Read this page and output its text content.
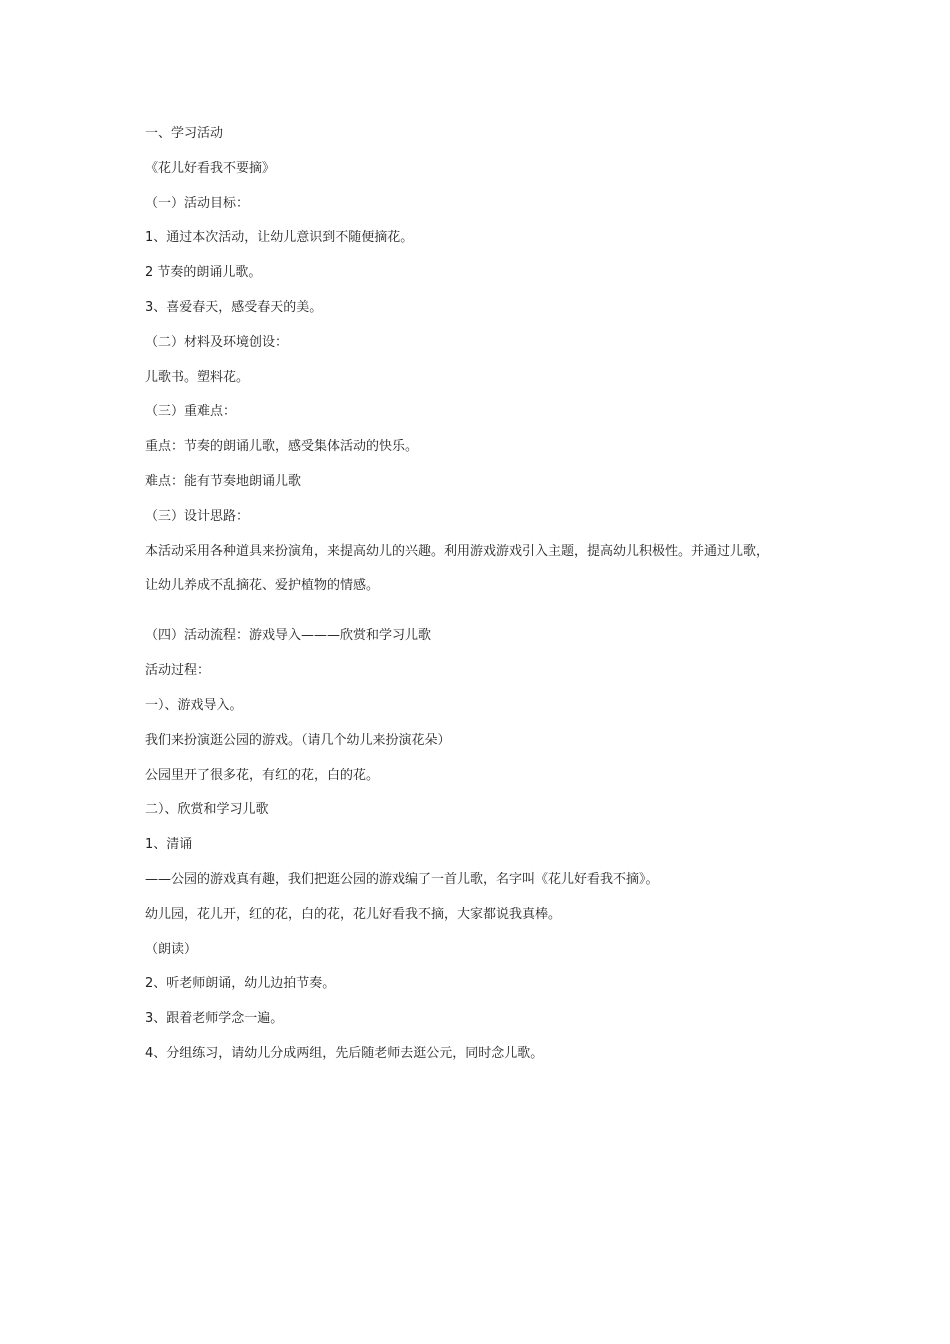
一、学习活动
《花儿好看我不要摘》
（一）活动目标：
1、通过本次活动，让幼儿意识到不随便摘花。
2 节奏的朗诵儿歌。
3、喜爱春天，感受春天的美。
（二）材料及环境创设：
儿歌书。塑料花。
（三）重难点：
重点：节奏的朗诵儿歌，感受集体活动的快乐。
难点：能有节奏地朗诵儿歌
（三）设计思路：
本活动采用各种道具来扮演角，来提高幼儿的兴趣。利用游戏游戏引入主题，提高幼儿积极性。并通过儿歌，
让幼儿养成不乱摘花、爱护植物的情感。
（四）活动流程：游戏导入———欣赏和学习儿歌
活动过程：
一）、游戏导入。
我们来扮演逛公园的游戏。（请几个幼儿来扮演花朵）
公园里开了很多花，有红的花，白的花。
二）、欣赏和学习儿歌
1、清诵
——公园的游戏真有趣，我们把逛公园的游戏编了一首儿歌，名字叫《花儿好看我不摘》。
幼儿园，花儿开，红的花，白的花，花儿好看我不摘，大家都说我真棒。
（朗读）
2、听老师朗诵，幼儿边拍节奏。
3、跟着老师学念一遍。
4、分组练习，请幼儿分成两组，先后随老师去逛公元，同时念儿歌。
